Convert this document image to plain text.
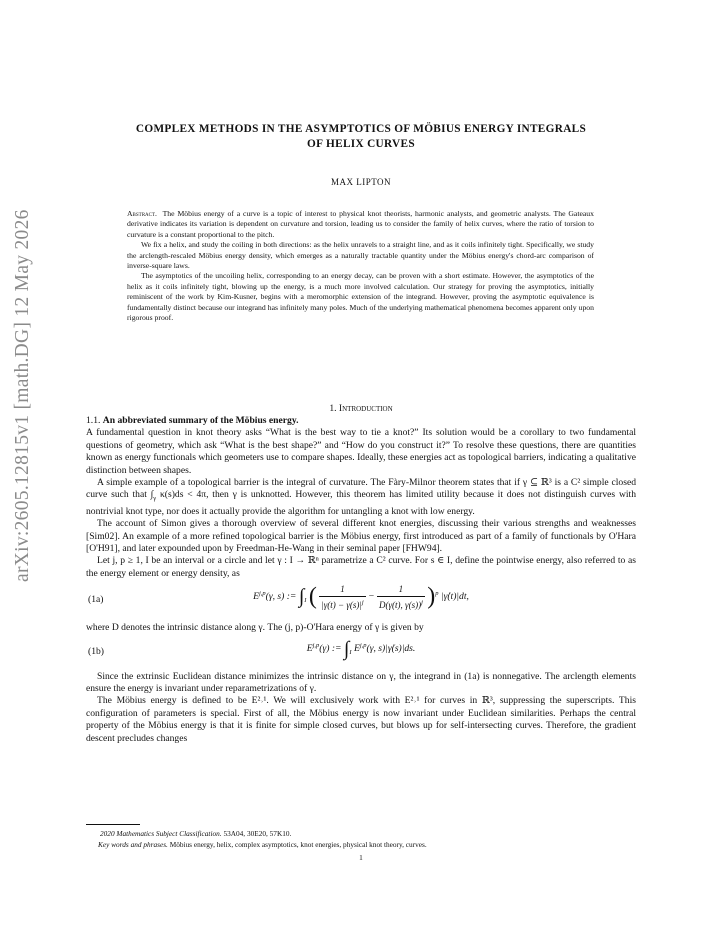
arXiv:2605.12815v1 [math.DG] 12 May 2026
COMPLEX METHODS IN THE ASYMPTOTICS OF MÖBIUS ENERGY INTEGRALS
OF HELIX CURVES
MAX LIPTON

Abstract. The Möbius energy of a curve is a topic of interest to physical knot theorists, harmonic analysts, and geometric analysts. The Gateaux derivative indicates its variation is dependent on curvature and torsion, leading us to consider the family of helix curves, where the ratio of torsion to curvature is a constant proportional to the pitch.

We fix a helix, and study the coiling in both directions: as the helix unravels to a straight line, and as it coils infinitely tight. Specifically, we study the arclength-rescaled Möbius energy density, which emerges as a naturally tractable quantity under the Möbius energy's chord-arc comparison of inverse-square laws.

The asymptotics of the uncoiling helix, corresponding to an energy decay, can be proven with a short estimate. However, the asymptotics of the helix as it coils infinitely tight, blowing up the energy, is a much more involved calculation. Our strategy for proving the asymptotics, initially reminiscent of the work by Kim-Kusner, begins with a meromorphic extension of the integrand. However, proving the asymptotic equivalence is fundamentally distinct because our integrand has infinitely many poles. Much of the underlying mathematical phenomena becomes apparent only upon rigorous proof.

1. Introduction

1.1. An abbreviated summary of the Möbius energy.

A fundamental question in knot theory asks “What is the best way to tie a knot?” Its solution would be a corollary to two fundamental questions of geometry, which ask “What is the best shape?” and “How do you construct it?” To resolve these questions, there are quantities known as energy functionals which geometers use to compare shapes. Ideally, these energies act as topological barriers, indicating a qualitative distinction between shapes.

A simple example of a topological barrier is the integral of curvature. The Fàry-Milnor theorem states that if γ ⊆ ℝ³ is a C² simple closed curve such that $\int_\gamma$ κ(s)ds < 4π, then γ is unknotted. However, this theorem has limited utility because it does not distinguish curves with nontrivial knot type, nor does it actually provide the algorithm for untangling a knot with low energy.

The account of Simon gives a thorough overview of several different knot energies, discussing their various strengths and weaknesses [Sim02]. An example of a more refined topological barrier is the Möbius energy, first introduced as part of a family of functionals by O'Hara [O'H91], and later expounded upon by Freedman-He-Wang in their seminal paper [FHW94].

Let j, p ≥ 1, I be an interval or a circle and let γ : I → ℝⁿ parametrize a C² curve. For s ∈ I, define the pointwise energy, also referred to as the energy element or energy density, as

(1a)	E$^{j,p}$(γ, s) := $\int_I$ ( $\frac{1}{|\gamma(t) - \gamma(s)|^j} - \frac{1}{D(\gamma(t), \gamma(s))^j} )^p$ |γ̇(t)|dt,

where D denotes the intrinsic distance along γ. The (j, p)-O'Hara energy of γ is given by

(1b)	E$^{j,p}$(γ) := $\int_I$ E$^{j,p}$(γ, s)|γ̇(s)|ds.

Since the extrinsic Euclidean distance minimizes the intrinsic distance on γ, the integrand in (1a) is nonnegative. The arclength elements ensure the energy is invariant under reparametrizations of γ.

The Möbius energy is defined to be E²˒¹. We will exclusively work with E²˒¹ for curves in ℝ³, suppressing the superscripts. This configuration of parameters is special. First of all, the Möbius energy is now invariant under Euclidean similarities. Perhaps the central property of the Möbius energy is that it is finite for simple closed curves, but blows up for self-intersecting curves. Therefore, the gradient descent precludes changes

2020 Mathematics Subject Classification. 53A04, 30E20, 57K10.
Key words and phrases. Möbius energy, helix, complex asymptotics, knot energies, physical knot theory, curves.
1
